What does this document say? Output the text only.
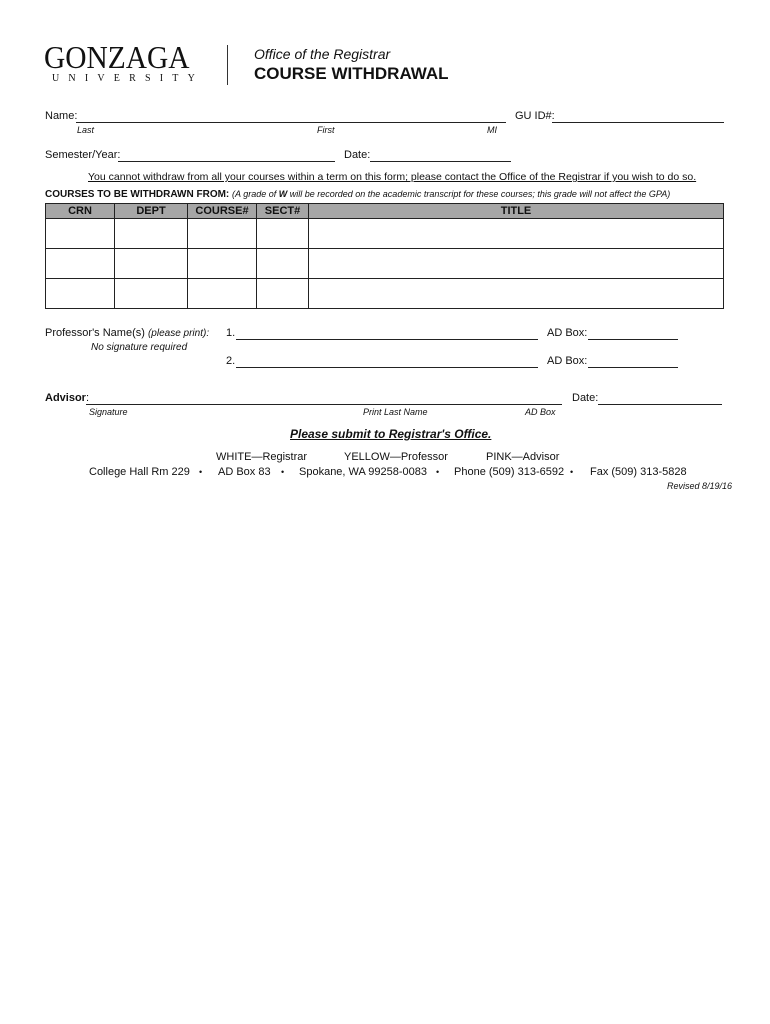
GONZAGA
UNIVERSITY
Office of the Registrar
COURSE WITHDRAWAL
Name:	GU ID#:
Last	First	MI
Semester/Year:	Date:
You cannot withdraw from all your courses within a term on this form; please contact the Office of the Registrar if you wish to do so.
COURSES TO BE WITHDRAWN FROM: (A grade of W will be recorded on the academic transcript for these courses; this grade will not affect the GPA)
CRN	DEPT	COURSE#	SECT#	TITLE

Professor's Name(s) (please print):
No signature required
1.	AD Box:
2.	AD Box:
Advisor:	Date:
Signature	Print Last Name	AD Box
Please submit to Registrar's Office.
WHITE—Registrar	YELLOW—Professor	PINK—Advisor
College Hall Rm 229 • AD Box 83 • Spokane, WA 99258-0083 • Phone (509) 313-6592 • Fax (509) 313-5828
Revised 8/19/16
